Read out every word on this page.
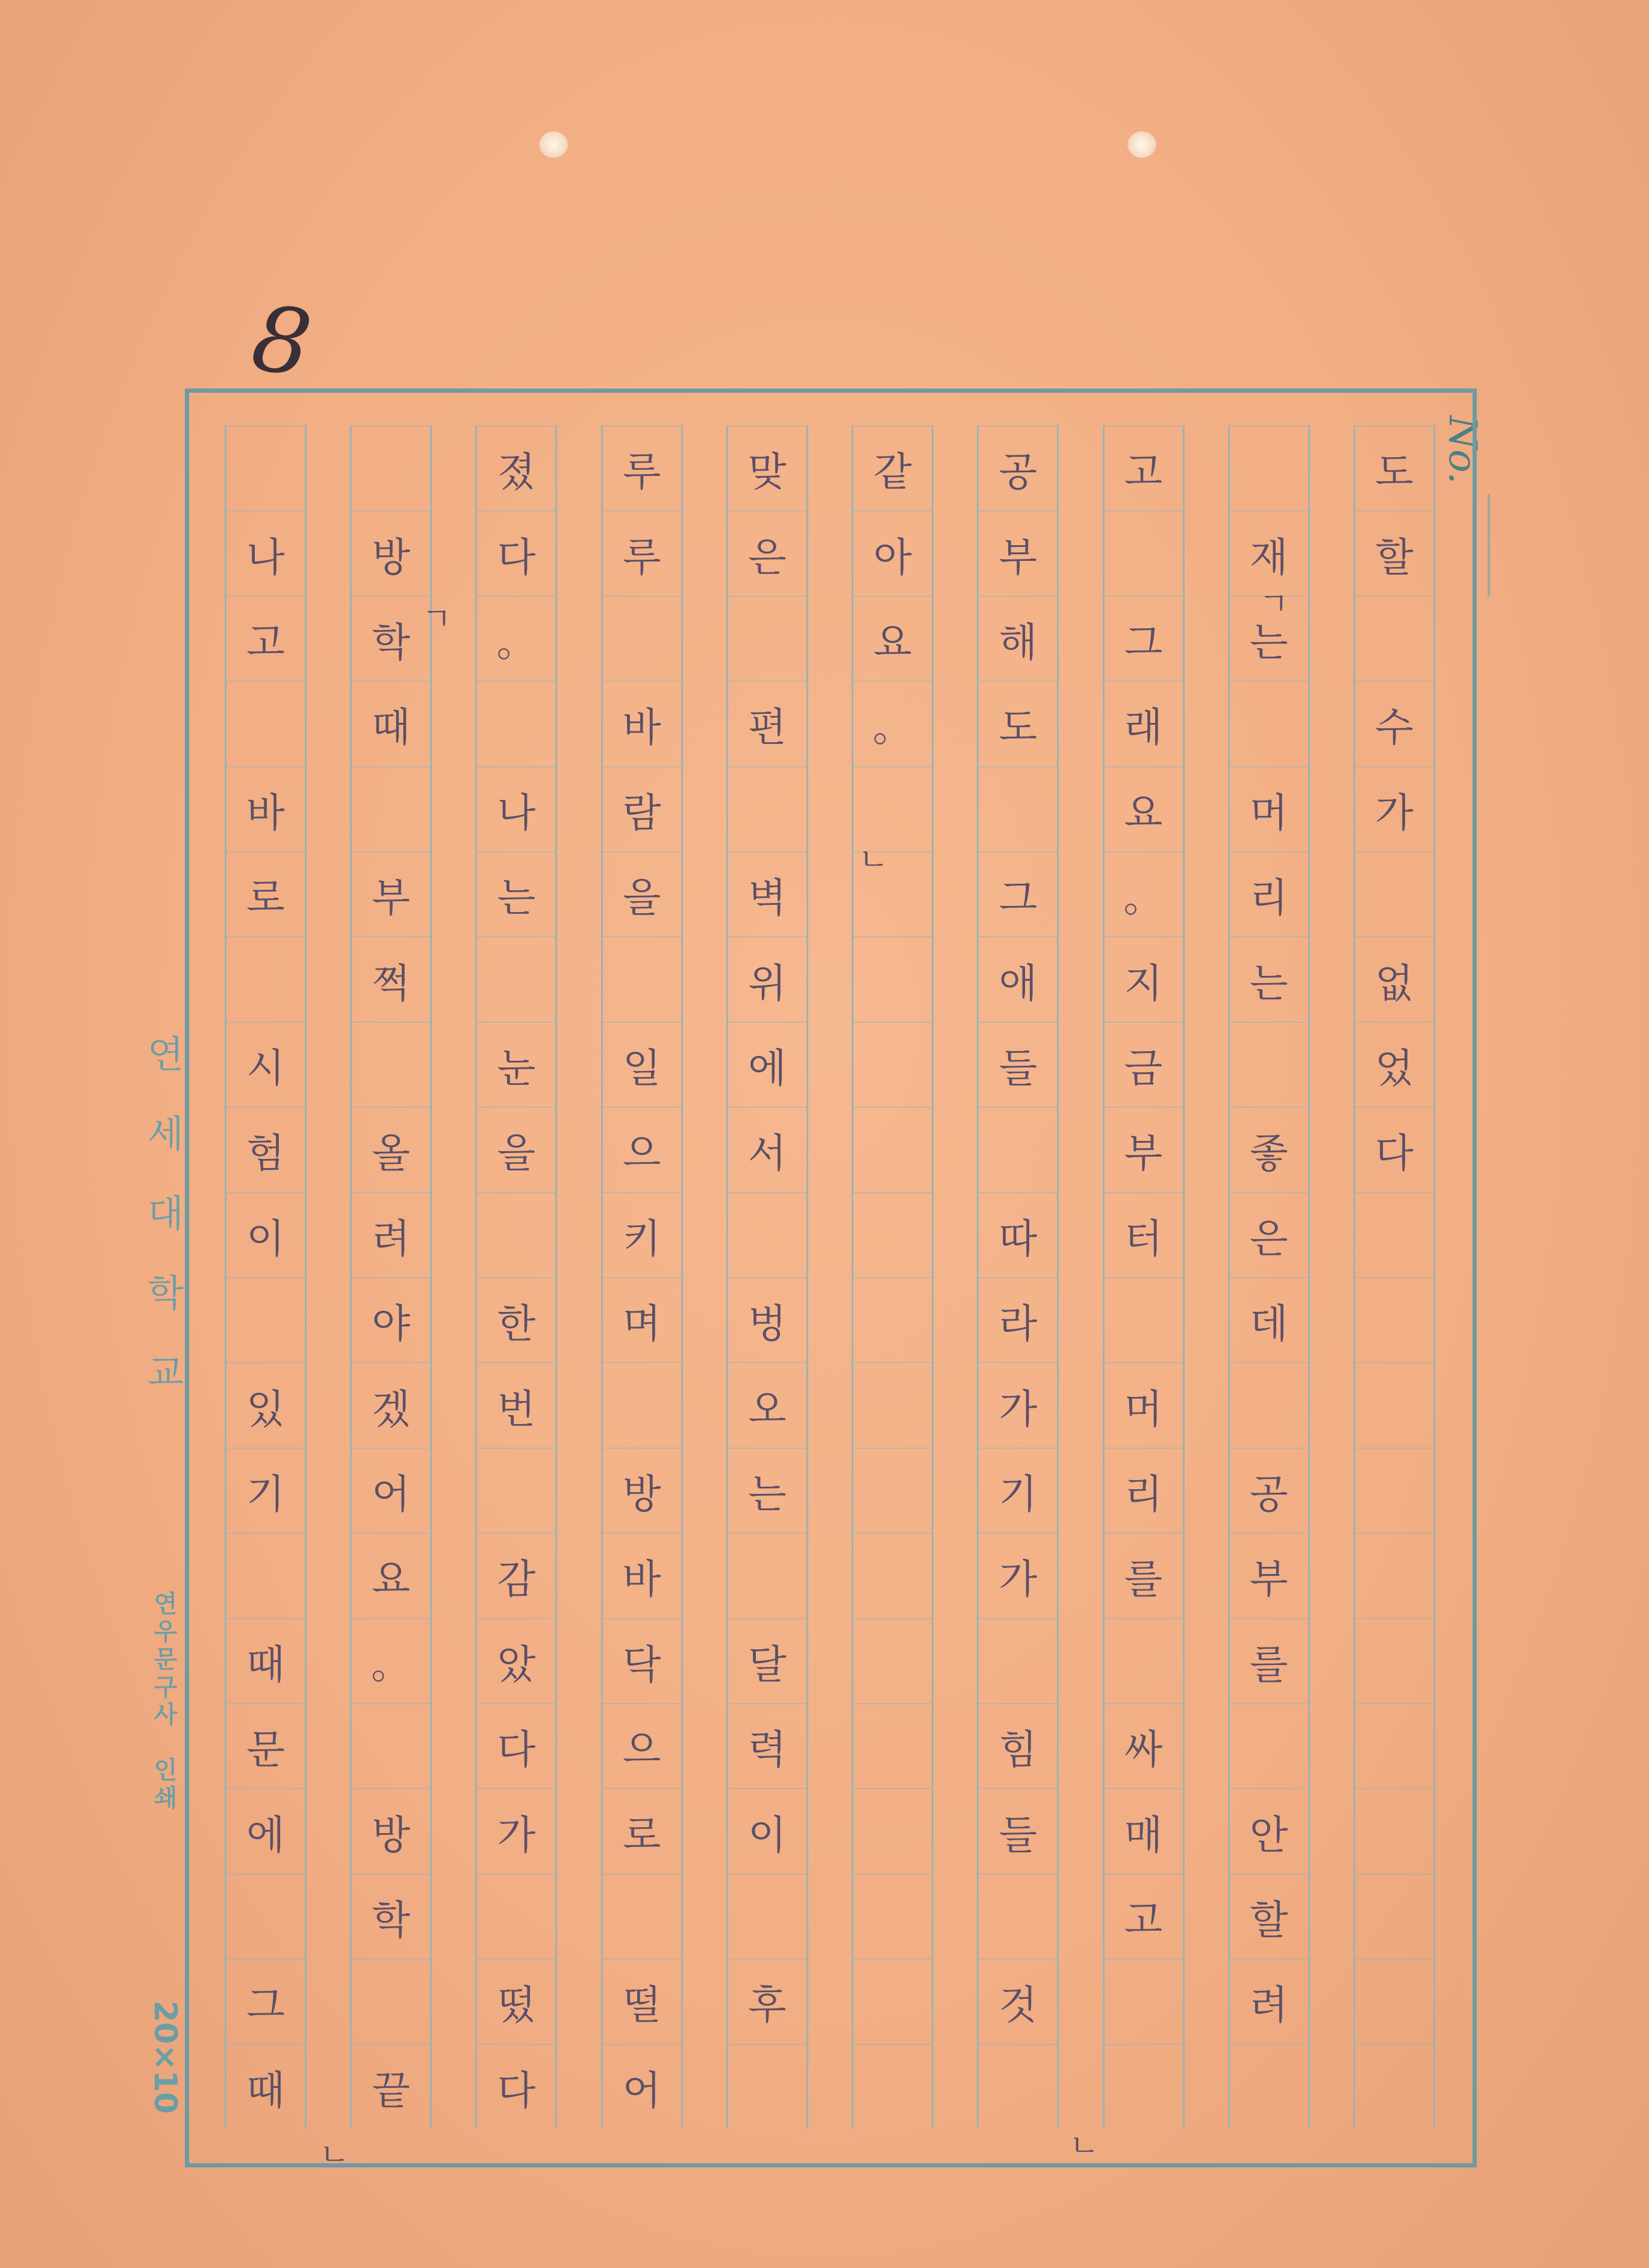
8
No.
도
할
수
가
없
었
다
재
는
머
리
는
좋
은
데
공
부
를
안
할
려
고
그
래
요
。
지
금
부
터
머
리
를
싸
매
고
공
부
해
도
그
애
들
따
라
가
기
가
힘
들
것
같
아
요
。
맞
은
편
벽
위
에
서
벙
오
는
달
력
이
후
루
루
바
람
을
일
으
키
며
방
바
닥
으
로
떨
어
졌
다
。
나
는
눈
을
한
번
감
았
다
가
떴
다
방
학
때
부
쩍
올
려
야
겠
어
요
。
방
학
끝
나
고
바
로
시
험
이
있
기
때
문
에
그
때
ㄱ
ㄱ
ㄴ
ㄴ
ㄴ
연
세
대
학
교
연
우
문
구
사

인
쇄
20×10
